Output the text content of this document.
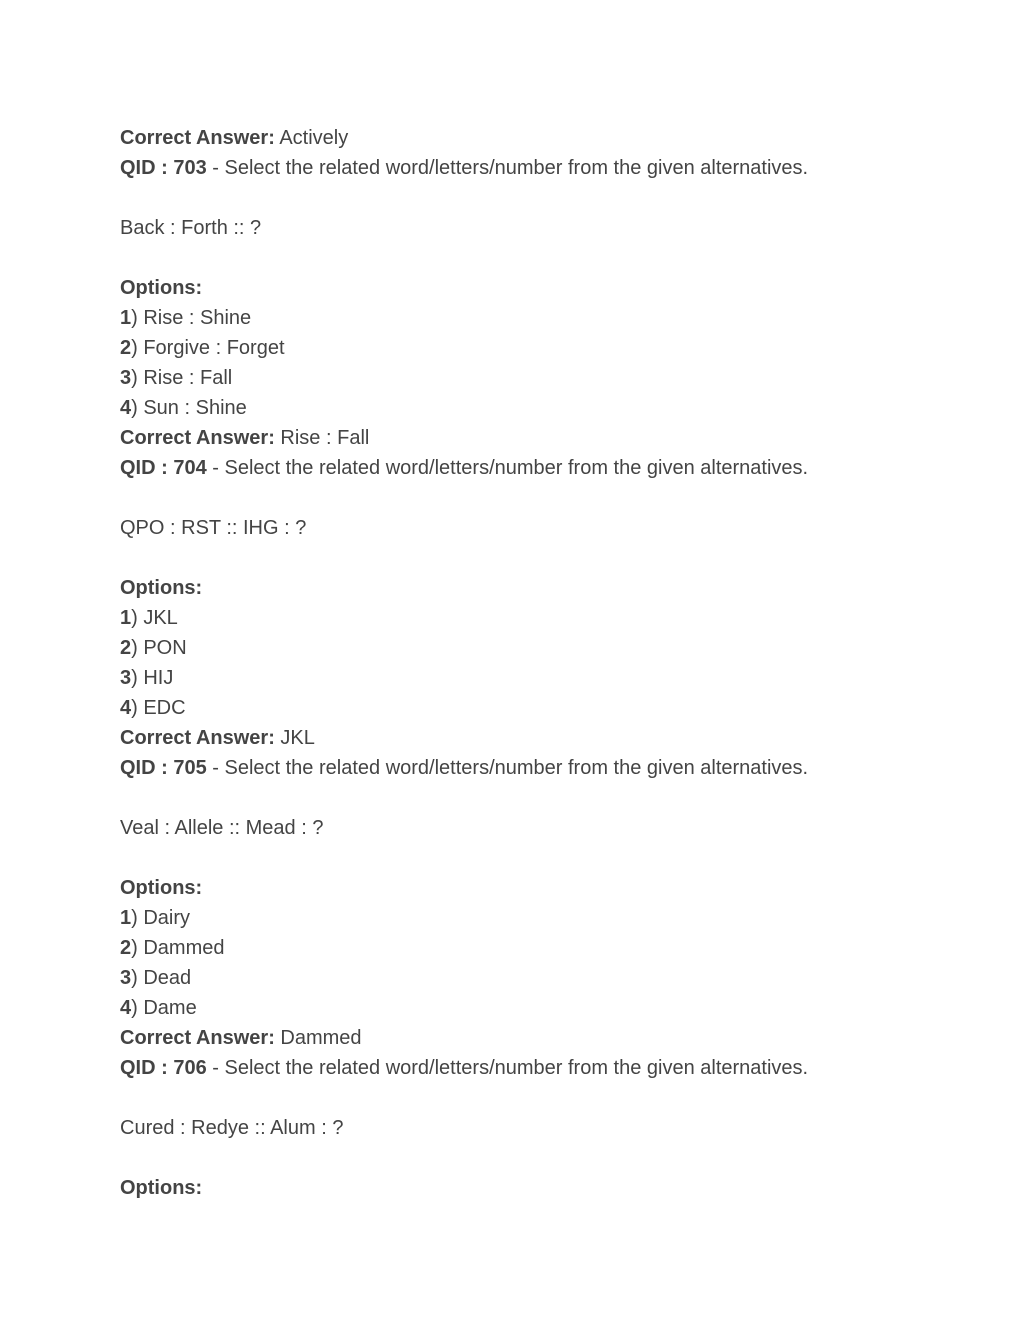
Correct Answer: Actively
QID : 703 - Select the related word/letters/number from the given alternatives.
Back : Forth :: ?
Options:
1) Rise : Shine
2) Forgive : Forget
3) Rise : Fall
4) Sun : Shine
Correct Answer: Rise : Fall
QID : 704 - Select the related word/letters/number from the given alternatives.
QPO : RST :: IHG : ?
Options:
1) JKL
2) PON
3) HIJ
4) EDC
Correct Answer: JKL
QID : 705 - Select the related word/letters/number from the given alternatives.
Veal : Allele :: Mead : ?
Options:
1) Dairy
2) Dammed
3) Dead
4) Dame
Correct Answer: Dammed
QID : 706 - Select the related word/letters/number from the given alternatives.
Cured : Redye :: Alum : ?
Options:
